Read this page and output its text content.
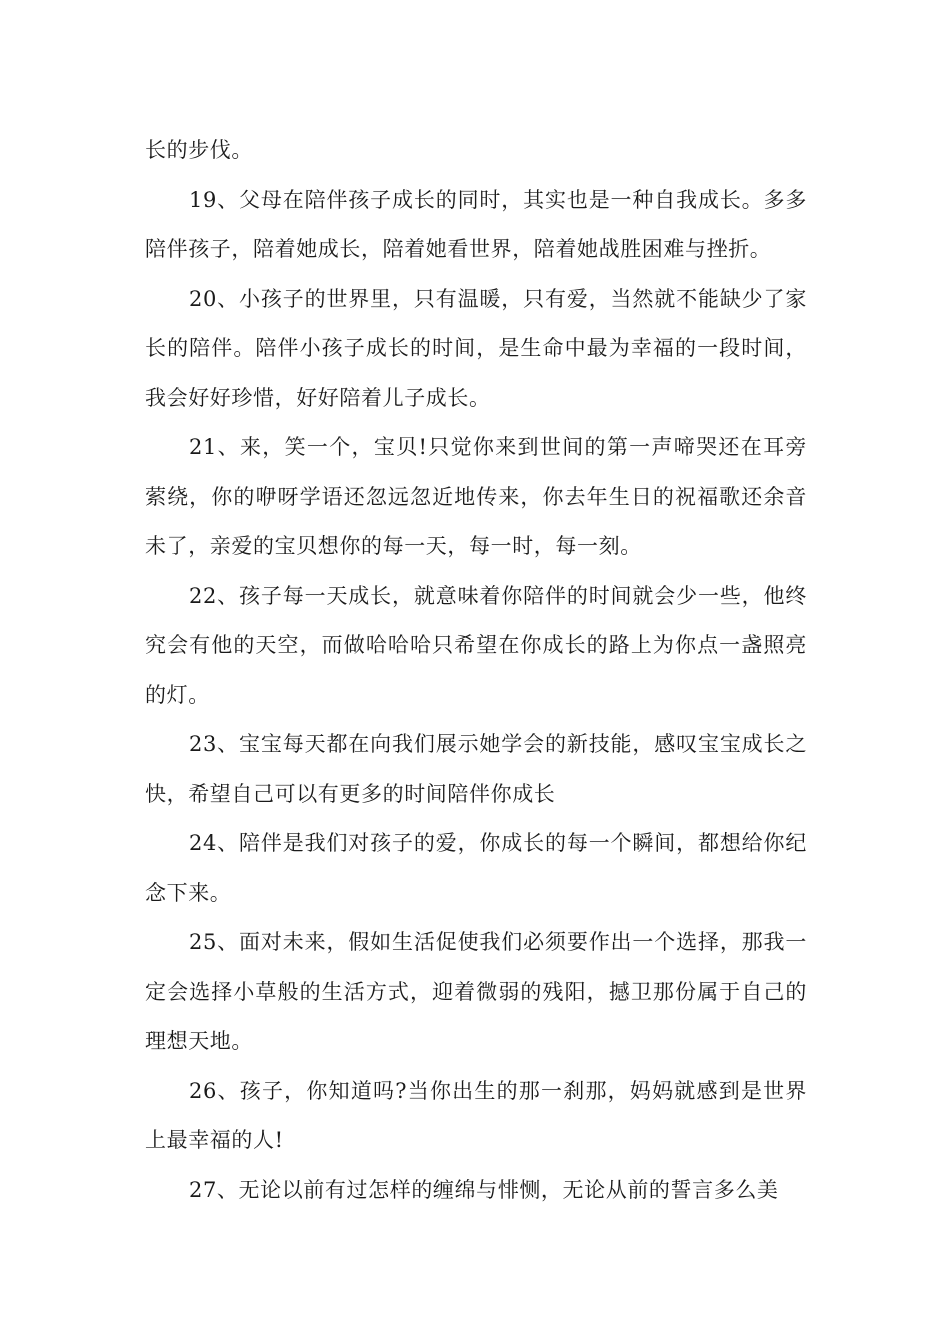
长的步伐。

19、父母在陪伴孩子成长的同时，其实也是一种自我成长。多多陪伴孩子，陪着她成长，陪着她看世界，陪着她战胜困难与挫折。

20、小孩子的世界里，只有温暖，只有爱，当然就不能缺少了家长的陪伴。陪伴小孩子成长的时间，是生命中最为幸福的一段时间，我会好好珍惜，好好陪着儿子成长。

21、来，笑一个，宝贝!只觉你来到世间的第一声啼哭还在耳旁萦绕，你的咿呀学语还忽远忽近地传来，你去年生日的祝福歌还余音未了，亲爱的宝贝想你的每一天，每一时，每一刻。

22、孩子每一天成长，就意味着你陪伴的时间就会少一些，他终究会有他的天空，而做哈哈哈只希望在你成长的路上为你点一盏照亮的灯。

23、宝宝每天都在向我们展示她学会的新技能，感叹宝宝成长之快，希望自己可以有更多的时间陪伴你成长

24、陪伴是我们对孩子的爱，你成长的每一个瞬间，都想给你纪念下来。

25、面对未来，假如生活促使我们必须要作出一个选择，那我一定会选择小草般的生活方式，迎着微弱的残阳，撼卫那份属于自己的理想天地。

26、孩子，你知道吗?当你出生的那一刹那，妈妈就感到是世界上最幸福的人!

27、无论以前有过怎样的缠绵与悱恻，无论从前的誓言多么美
